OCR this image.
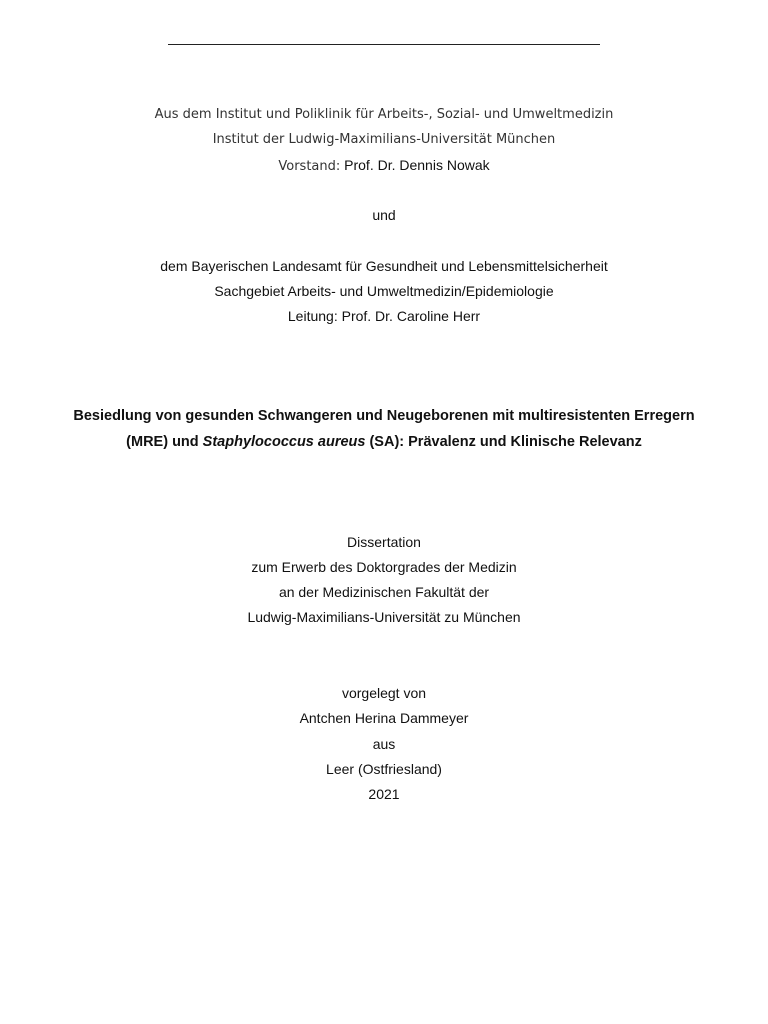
Aus dem Institut und Poliklinik für Arbeits-, Sozial- und Umweltmedizin
Institut der Ludwig-Maximilians-Universität München
Vorstand: Prof. Dr. Dennis Nowak
und
dem Bayerischen Landesamt für Gesundheit und Lebensmittelsicherheit
Sachgebiet Arbeits- und Umweltmedizin/Epidemiologie
Leitung: Prof. Dr. Caroline Herr
Besiedlung von gesunden Schwangeren und Neugeborenen mit multiresistenten Erregern
(MRE) und Staphylococcus aureus (SA): Prävalenz und Klinische Relevanz
Dissertation
zum Erwerb des Doktorgrades der Medizin
an der Medizinischen Fakultät der
Ludwig-Maximilians-Universität zu München
vorgelegt von
Antchen Herina Dammeyer
aus
Leer (Ostfriesland)
2021
